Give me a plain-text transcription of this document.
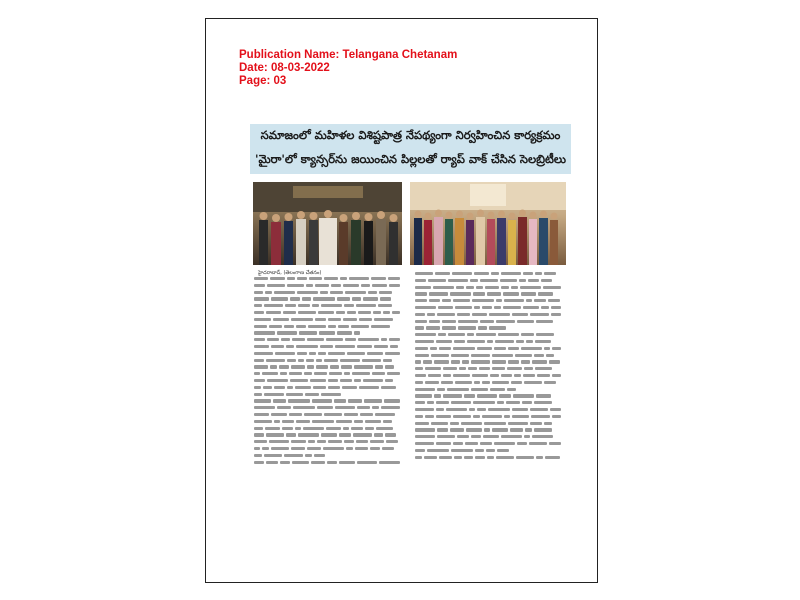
Publication Name: Telangana Chetanam
Date: 08-03-2022
Page: 03
సమాజంలో మహిళల విశిష్టపాత్ర నేపథ్యంగా నిర్వహించిన కార్యక్రమం
'మైరా'లో క్యాన్సర్‌ను జయించిన పిల్లలతో ర్యాప్ వాక్ చేసిన సెలబ్రిటీలు
హైదరాబాద్, (తెలంగాణ చేతనం)
